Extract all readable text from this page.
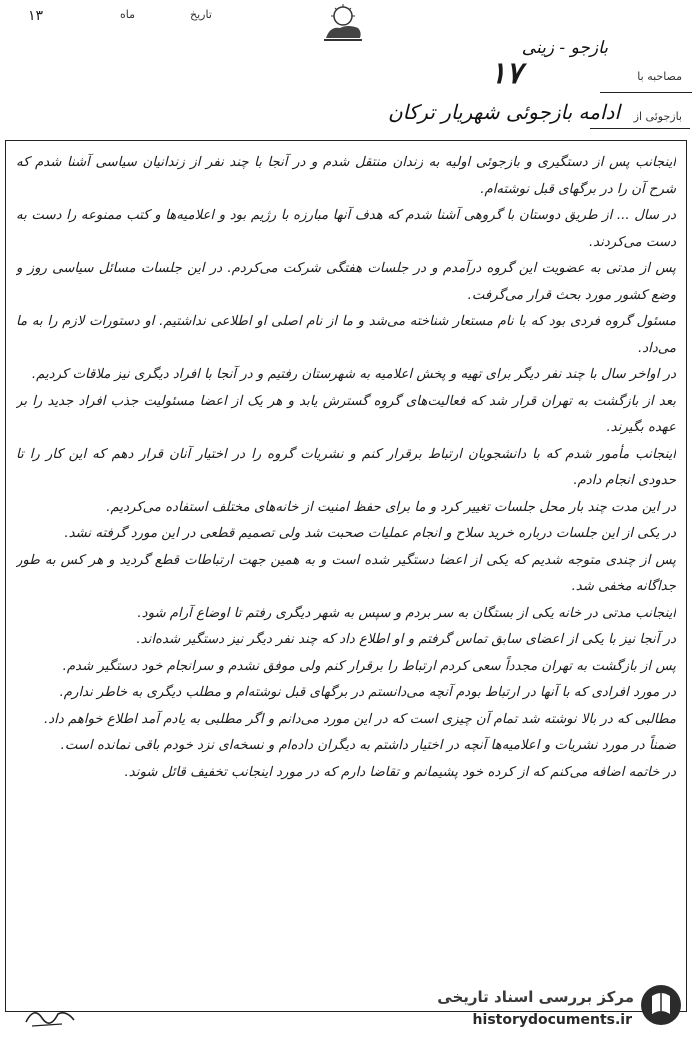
۱۳	ماه	تاریخ
مصاحبه با
بازجوئی از
بازجو - زینی
۱۷
ادامه بازجوئی شهریار ترکان

اینجانب پس از دستگیری و بازجوئی اولیه به زندان منتقل شدم و در آنجا با چند نفر از زندانیان سیاسی آشنا شدم که شرح آن را در برگهای قبل نوشته‌ام.

در سال ... از طریق دوستان با گروهی آشنا شدم که هدف آنها مبارزه با رژیم بود و اعلامیه‌ها و کتب ممنوعه را دست به دست می‌کردند.

پس از مدتی به عضویت این گروه درآمدم و در جلسات هفتگی شرکت می‌کردم. در این جلسات مسائل سیاسی روز و وضع کشور مورد بحث قرار می‌گرفت.

مسئول گروه فردی بود که با نام مستعار شناخته می‌شد و ما از نام اصلی او اطلاعی نداشتیم. او دستورات لازم را به ما می‌داد.

در اواخر سال با چند نفر دیگر برای تهیه و پخش اعلامیه به شهرستان رفتیم و در آنجا با افراد دیگری نیز ملاقات کردیم.

بعد از بازگشت به تهران قرار شد که فعالیت‌های گروه گسترش یابد و هر یک از اعضا مسئولیت جذب افراد جدید را بر عهده بگیرند.

اینجانب مأمور شدم که با دانشجویان ارتباط برقرار کنم و نشریات گروه را در اختیار آنان قرار دهم که این کار را تا حدودی انجام دادم.

در این مدت چند بار محل جلسات تغییر کرد و ما برای حفظ امنیت از خانه‌های مختلف استفاده می‌کردیم.

در یکی از این جلسات درباره خرید سلاح و انجام عملیات صحبت شد ولی تصمیم قطعی در این مورد گرفته نشد.

پس از چندی متوجه شدیم که یکی از اعضا دستگیر شده است و به همین جهت ارتباطات قطع گردید و هر کس به طور جداگانه مخفی شد.

اینجانب مدتی در خانه یکی از بستگان به سر بردم و سپس به شهر دیگری رفتم تا اوضاع آرام شود.

در آنجا نیز با یکی از اعضای سابق تماس گرفتم و او اطلاع داد که چند نفر دیگر نیز دستگیر شده‌اند.

پس از بازگشت به تهران مجدداً سعی کردم ارتباط را برقرار کنم ولی موفق نشدم و سرانجام خود دستگیر شدم.

در مورد افرادی که با آنها در ارتباط بودم آنچه می‌دانستم در برگهای قبل نوشته‌ام و مطلب دیگری به خاطر ندارم.

مطالبی که در بالا نوشته شد تمام آن چیزی است که در این مورد می‌دانم و اگر مطلبی به یادم آمد اطلاع خواهم داد.

ضمناً در مورد نشریات و اعلامیه‌ها آنچه در اختیار داشتم به دیگران داده‌ام و نسخه‌ای نزد خودم باقی نمانده است.

در خاتمه اضافه می‌کنم که از کرده خود پشیمانم و تقاضا دارم که در مورد اینجانب تخفیف قائل شوند.

مرکز بررسی اسناد تاریخی
historydocuments.ir
